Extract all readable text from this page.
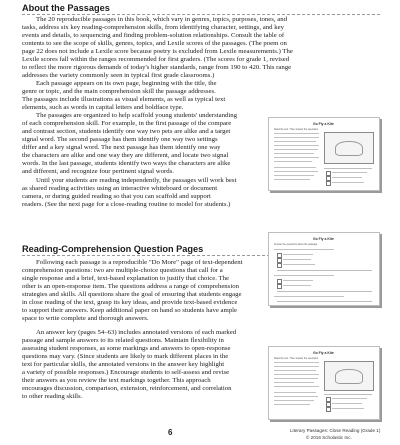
About the Passages
The 20 reproducible passages in this book, which vary in genres, topics, purposes, tones, and
tasks, address six key reading-comprehension skills, from identifying character, settings, and key
events and details, to sequencing and finding problem-solution relationships. Consult the table of
contents to see the scope of skills, genres, topics, and Lexile scores of the passages. (The poem on
page 22 does not include a Lexile score because poetry is excluded from Lexile measurements.) The
Lexile scores fall within the ranges recommended for first graders. (The scores for grade 1, revised
to reflect the more rigorous demands of today's higher standards, range from 190 to 420. This range
addresses the variety commonly seen in typical first grade classrooms.)
Each passage appears on its own page, beginning with the title, the
genre or topic, and the main comprehension skill the passage addresses.
The passages include illustrations as visual elements, as well as typical text
elements, such as words in capital letters and boldface type.
The passages are organized to help scaffold young students' understanding
of each comprehension skill. For example, in the first passage of the compare
and contrast section, students identify one way two pets are alike and a target
signal word. The second passage has them identify one way two settings
differ and a key signal word. The next passage has them identify one way
the characters are alike and one way they are different, and locate two signal
words. In the last passage, students identify two ways the characters are alike
and different, and recognize four pertinent signal words.
Until your students are reading independently, the passages will work best
as shared reading activities using an interactive whiteboard or document
camera, or during guided reading so that you can scaffold and support
readers. (See the next page for a close-reading routine to model for students.)
Reading-Comprehension Question Pages
Following each passage is a reproducible "Do More" page of text-dependent
comprehension questions: two are multiple-choice questions that call for a
single response and a brief, text-based explanation to justify that choice. The
other is an open-response item. The questions address a range of comprehension
strategies and skills. All questions share the goal of ensuring that students engage
in close reading of the text, grasp its key ideas, and provide text-based evidence
to support their answers. Keep additional paper on hand so students have ample
space to write complete and thorough answers.
An answer key (pages 54–63) includes annotated versions of each marked
passage and sample answers to its related questions. Maintain flexibility in
assessing student responses, as some markings and answers to open-response
questions may vary. (Since students are likely to mark different places in the
text for particular skills, the annotated versions in the answer key highlight
a variety of possible responses.) Encourage students to self-assess and revise
their answers as you review the text markings together. This approach
encourages discussion, comparison, extension, reinforcement, and correlation
to other reading skills.
Go Fly a Kite
Read the text. Then answer the questions.
Go Fly a Kite
Answer the questions about the passage.
Go Fly a Kite
Read the text. Then answer the questions.
6	Literary Passages: Close Reading (Grade 1)
© 2016 Scholastic Inc.
